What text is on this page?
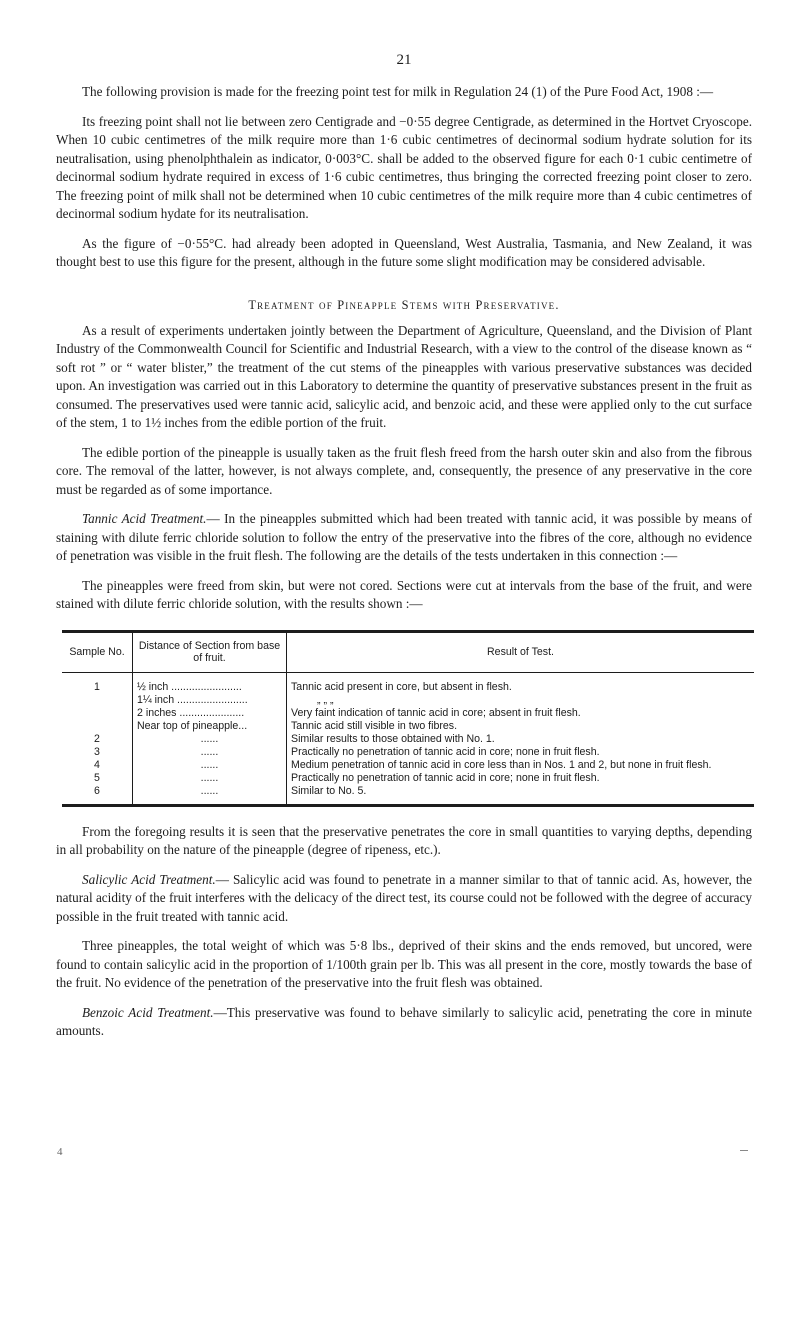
21

The following provision is made for the freezing point test for milk in Regulation 24 (1) of the Pure Food Act, 1908 :—

Its freezing point shall not lie between zero Centigrade and −0·55 degree Centigrade, as determined in the Hortvet Cryoscope. When 10 cubic centimetres of the milk require more than 1·6 cubic centimetres of decinormal sodium hydrate solution for its neutralisation, using phenolphthalein as indicator, 0·003°C. shall be added to the observed figure for each 0·1 cubic centimetre of decinormal sodium hydrate required in excess of 1·6 cubic centimetres, thus bringing the corrected freezing point closer to zero. The freezing point of milk shall not be determined when 10 cubic centimetres of the milk require more than 4 cubic centimetres of decinormal sodium hydate for its neutralisation.

As the figure of −0·55°C. had already been adopted in Queensland, West Australia, Tasmania, and New Zealand, it was thought best to use this figure for the present, although in the future some slight modification may be considered advisable.

Treatment of Pineapple Stems with Preservative.

As a result of experiments undertaken jointly between the Department of Agriculture, Queensland, and the Division of Plant Industry of the Commonwealth Council for Scientific and Industrial Research, with a view to the control of the disease known as “ soft rot ” or “ water blister,” the treatment of the cut stems of the pineapples with various preservative substances was decided upon. An investigation was carried out in this Laboratory to determine the quantity of preservative substances present in the fruit as consumed. The preservatives used were tannic acid, salicylic acid, and benzoic acid, and these were applied only to the cut surface of the stem, 1 to 1½ inches from the edible portion of the fruit.

The edible portion of the pineapple is usually taken as the fruit flesh freed from the harsh outer skin and also from the fibrous core. The removal of the latter, however, is not always complete, and, consequently, the presence of any preservative in the core must be regarded as of some importance.

Tannic Acid Treatment.— In the pineapples submitted which had been treated with tannic acid, it was possible by means of staining with dilute ferric chloride solution to follow the entry of the preservative into the fibres of the core, although no evidence of penetration was visible in the fruit flesh. The following are the details of the tests undertaken in this connection :—

The pineapples were freed from skin, but were not cored. Sections were cut at intervals from the base of the fruit, and were stained with dilute ferric chloride solution, with the results shown :—

Sample No.	Distance of Section from base of fruit.	Result of Test.
1	½ inch ........................	Tannic acid present in core, but absent in flesh.
	1¼ inch ........................	„ „ „
	2 inches ......................	Very faint indication of tannic acid in core; absent in fruit flesh.
	Near top of pineapple...	Tannic acid still visible in two fibres.
2	......	Similar results to those obtained with No. 1.
3	......	Practically no penetration of tannic acid in core; none in fruit flesh.
4	......	Medium penetration of tannic acid in core less than in Nos. 1 and 2, but none in fruit flesh.
5	......	Practically no penetration of tannic acid in core; none in fruit flesh.
6	......	Similar to No. 5.

From the foregoing results it is seen that the preservative penetrates the core in small quantities to varying depths, depending in all probability on the nature of the pineapple (degree of ripeness, etc.).

Salicylic Acid Treatment.— Salicylic acid was found to penetrate in a manner similar to that of tannic acid. As, however, the natural acidity of the fruit interferes with the delicacy of the direct test, its course could not be followed with the degree of accuracy possible in the fruit treated with tannic acid.

Three pineapples, the total weight of which was 5·8 lbs., deprived of their skins and the ends removed, but uncored, were found to contain salicylic acid in the proportion of 1/100th grain per lb. This was all present in the core, mostly towards the base of the fruit. No evidence of the penetration of the preservative into the fruit flesh was obtained.

Benzoic Acid Treatment.—This preservative was found to behave similarly to salicylic acid, penetrating the core in minute amounts.

4
